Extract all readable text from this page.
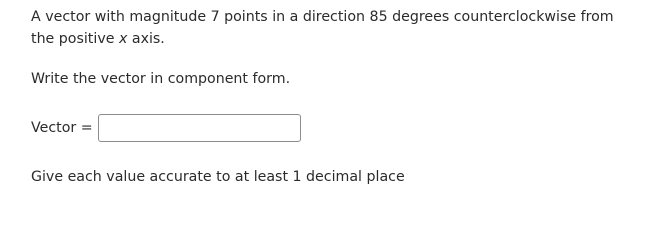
A vector with magnitude 7 points in a direction 85 degrees counterclockwise from the positive x axis.

Write the vector in component form.

Vector =

Give each value accurate to at least 1 decimal place
